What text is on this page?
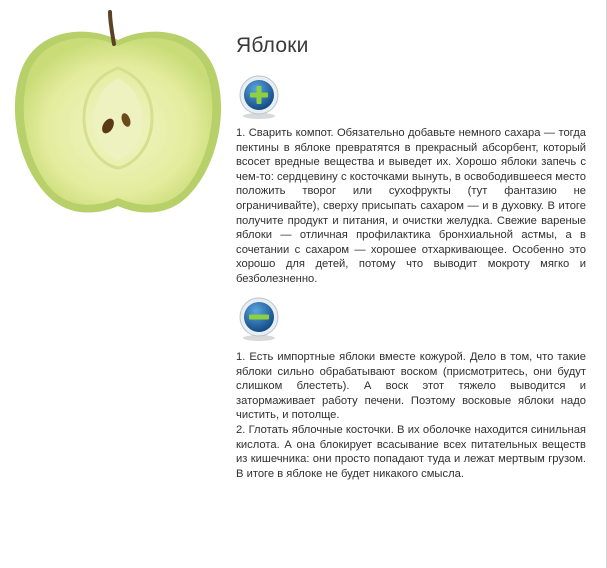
Яблоки

1. Сварить компот. Обязательно добавьте немного сахара — тогда пектины в яблоке превратятся в прекрасный абсорбент, который всосет вредные вещества и выведет их. Хорошо яблоки запечь с чем-то: сердцевину с косточками вынуть, в освободившееся место положить творог или сухофрукты (тут фантазию не ограничивайте), сверху присыпать сахаром — и в духовку. В итоге получите продукт и питания, и очистки желудка. Свежие вареные яблоки — отличная профилактика бронхиальной астмы, а в сочетании с сахаром — хорошее отхаркивающее. Особенно это хорошо для детей, потому что выводит мокроту мягко и безболезненно.

1. Есть импортные яблоки вместе кожурой. Дело в том, что такие яблоки сильно обрабатывают воском (присмотритесь, они будут слишком блестеть). А воск этот тяжело выводится и затормаживает работу печени. Поэтому восковые яблоки надо чистить, и потолще.

2. Глотать яблочные косточки. В их оболочке находится синильная кислота. А она блокирует всасывание всех питательных веществ из кишечника: они просто попадают туда и лежат мертвым грузом. В итоге в яблоке не будет никакого смысла.
